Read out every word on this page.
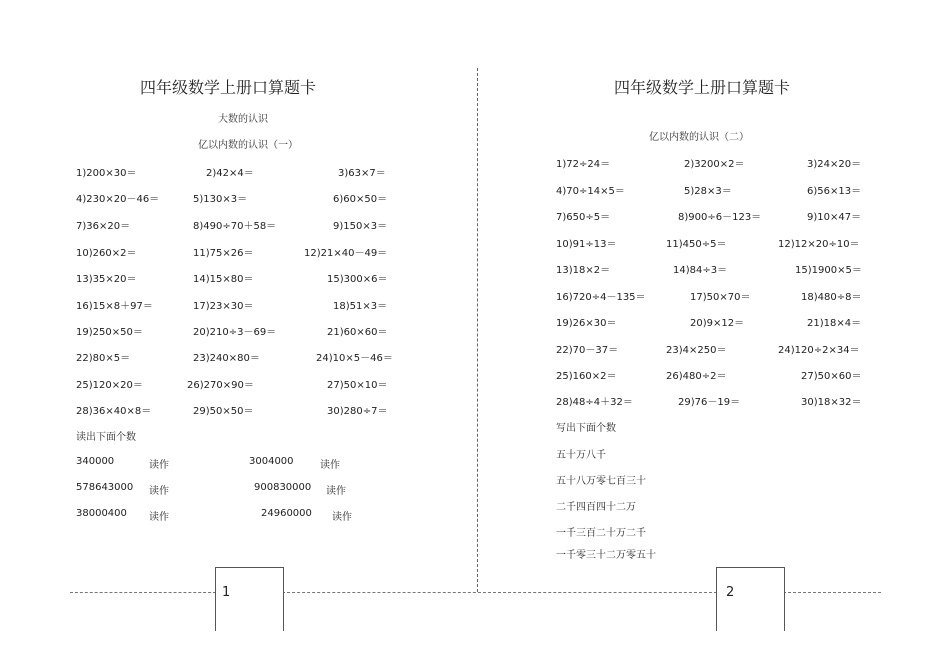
1	2
四年级数学上册口算题卡
大数的认识
亿以内数的认识（一）
1)200×30＝	2)42×4＝	3)63×7＝
4)230×20－46＝	5)130×3＝	6)60×50＝
7)36×20＝	8)490÷70＋58＝	9)150×3＝
10)260×2＝	11)75×26＝	12)21×40－49＝
13)35×20＝	14)15×80＝	15)300×6＝
16)15×8＋97＝	17)23×30＝	18)51×3＝
19)250×50＝	20)210÷3－69＝	21)60×60＝
22)80×5＝	23)240×80＝	24)10×5－46＝
25)120×20＝	26)270×90＝	27)50×10＝
28)36×40×8＝	29)50×50＝	30)280÷7＝
读出下面个数
340000	读作	3004000	读作
578643000 读作	900830000 读作
38000400 读作	24960000 读作
四年级数学上册口算题卡
亿以内数的认识（二）
1)72÷24＝	2)3200×2＝	3)24×20＝
4)70÷14×5＝	5)28×3＝	6)56×13＝
7)650÷5＝	8)900÷6－123＝	9)10×47＝
10)91÷13＝	11)450÷5＝	12)12×20÷10＝
13)18×2＝	14)84÷3＝	15)1900×5＝
16)720÷4－135＝	17)50×70＝	18)480÷8＝
19)26×30＝	20)9×12＝	21)18×4＝
22)70－37＝	23)4×250＝	24)120÷2×34＝
25)160×2＝	26)480÷2＝	27)50×60＝
28)48÷4＋32＝	29)76－19＝	30)18×32＝
写出下面个数
五十万八千
五十八万零七百三十
二千四百四十二万
一千三百二十万二千
一千零三十二万零五十
